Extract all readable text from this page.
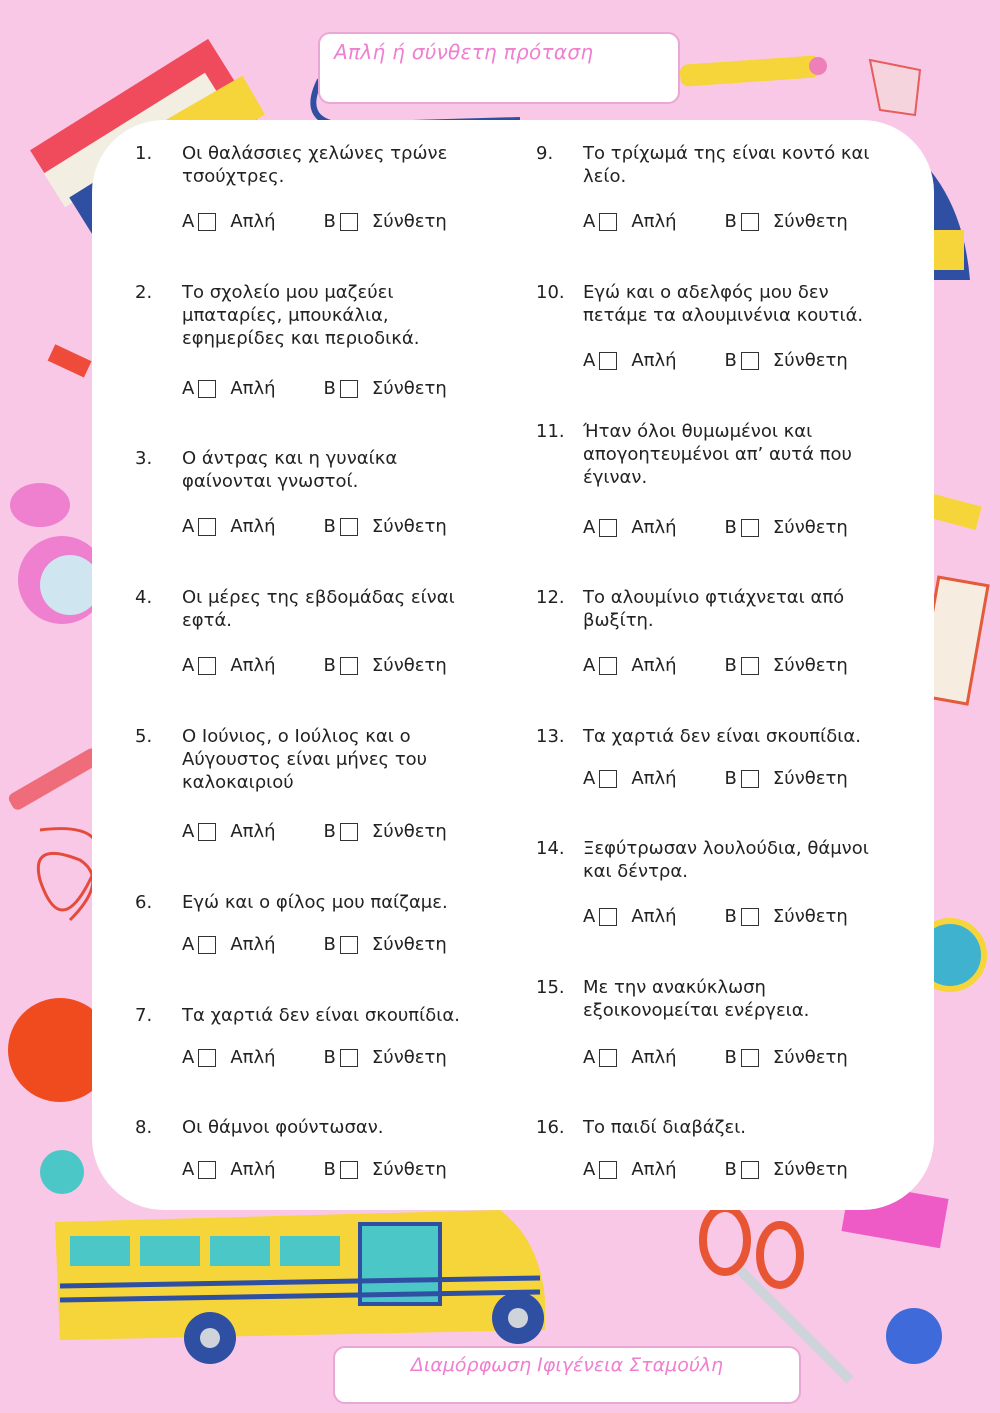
Απλή ή σύνθετη πρόταση
1.	Οι θαλάσσιες χελώνες τρώνε τσούχτρες.
Α Απλή	Β Σύνθετη
2.	Το σχολείο μου μαζεύει μπαταρίες, μπουκάλια, εφημερίδες και περιοδικά.
Α Απλή	Β Σύνθετη
3.	Ο άντρας και η γυναίκα φαίνονται γνωστοί.
Α Απλή	Β Σύνθετη
4.	Οι μέρες της εβδομάδας είναι εφτά.
Α Απλή	Β Σύνθετη
5.	Ο Ιούνιος, ο Ιούλιος και ο Αύγουστος είναι μήνες του καλοκαιριού
Α Απλή	Β Σύνθετη
6.	Εγώ και ο φίλος μου παίζαμε.
Α Απλή	Β Σύνθετη
7.	Τα χαρτιά δεν είναι σκουπίδια.
Α Απλή	Β Σύνθετη
8.	Οι θάμνοι φούντωσαν.
Α Απλή	Β Σύνθετη
9.	Το τρίχωμά της είναι κοντό και λείο.
Α Απλή	Β Σύνθετη
10.	Εγώ και ο αδελφός μου δεν πετάμε τα αλουμινένια κουτιά.
Α Απλή	Β Σύνθετη
11.	Ήταν όλοι θυμωμένοι και απογοητευμένοι απ’ αυτά που έγιναν.
Α Απλή	Β Σύνθετη
12.	Το αλουμίνιο φτιάχνεται από βωξίτη.
Α Απλή	Β Σύνθετη
13.	Τα χαρτιά δεν είναι σκουπίδια.
Α Απλή	Β Σύνθετη
14.	Ξεφύτρωσαν λουλούδια, θάμνοι και δέντρα.
Α Απλή	Β Σύνθετη
15.	Με την ανακύκλωση εξοικονομείται ενέργεια.
Α Απλή	Β Σύνθετη
16.	Το παιδί διαβάζει.
Α Απλή	Β Σύνθετη
Διαμόρφωση Ιφιγένεια Σταμούλη
